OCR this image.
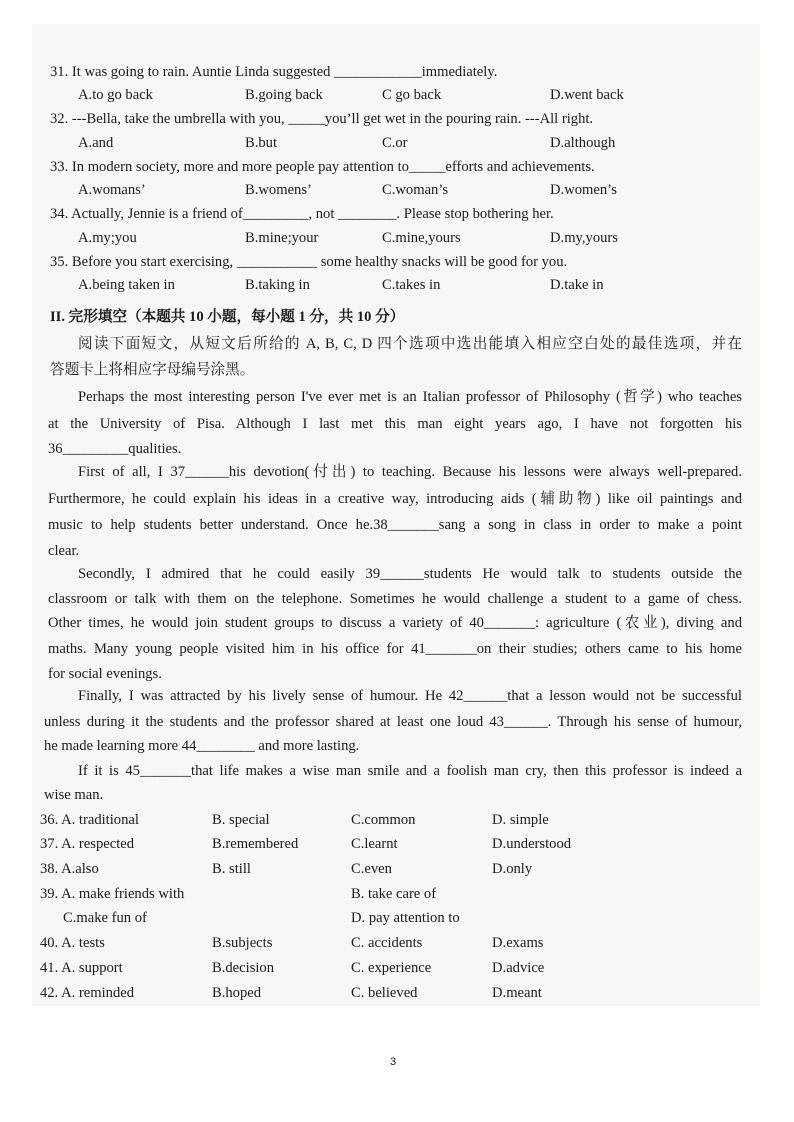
31. It was going to rain. Auntie Linda suggested ____________immediately.
A.to go back	B.going back	C go back	D.went back
32. ---Bella, take the umbrella with you, _____you’ll get wet in the pouring rain. ---All right.
A.and	B.but	C.or	D.although
33. In modern society, more and more people pay attention to_____efforts and achievements.
A.womans’	B.womens’	C.woman’s	D.women’s
34. Actually, Jennie is a friend of_________, not ________. Please stop bothering her.
A.my;you	B.mine;your	C.mine,yours	D.my,yours
35. Before you start exercising, ___________ some healthy snacks will be good for you.
A.being taken in	B.taking in	C.takes in	D.take in
II. 完形填空（本题共 10 小题，每小题 1 分，共 10 分）
阅读下面短文，从短文后所给的 A, B, C, D 四个选项中选出能填入相应空白处的最佳选项，并在
答题卡上将相应字母编号涂黑。
Perhaps the most interesting person I've ever met is an Italian professor of Philosophy (哲学) who teaches
at the University of Pisa. Although I last met this man eight years ago, I have not forgotten his
36_________qualities.
First of all, I 37______his devotion(付出) to teaching. Because his lessons were always well-prepared.
Furthermore, he could explain his ideas in a creative way, introducing aids (辅助物) like oil paintings and
music to help students better understand. Once he.38_______sang a song in class in order to make a point
clear.
Secondly, I admired that he could easily 39______students He would talk to students outside the
classroom or talk with them on the telephone. Sometimes he would challenge a student to a game of chess.
Other times, he would join student groups to discuss a variety of 40_______: agriculture (农业), diving and
maths. Many young people visited him in his office for 41_______on their studies; others came to his home
for social evenings.
Finally, I was attracted by his lively sense of humour. He 42______that a lesson would not be successful
unless during it the students and the professor shared at least one loud 43______. Through his sense of humour,
he made learning more 44________ and more lasting.
If it is 45_______that life makes a wise man smile and a foolish man cry, then this professor is indeed a
wise man.
36. A. traditional	B. special	C.common	D. simple
37. A. respected	B.remembered	C.learnt	D.understood
38. A.also	B. still	C.even	D.only
39. A. make friends with	B. take care of
C.make fun of	D. pay attention to
40. A. tests	B.subjects	C. accidents	D.exams
41. A. support	B.decision	C. experience	D.advice
42. A. reminded	B.hoped	C. believed	D.meant
3
